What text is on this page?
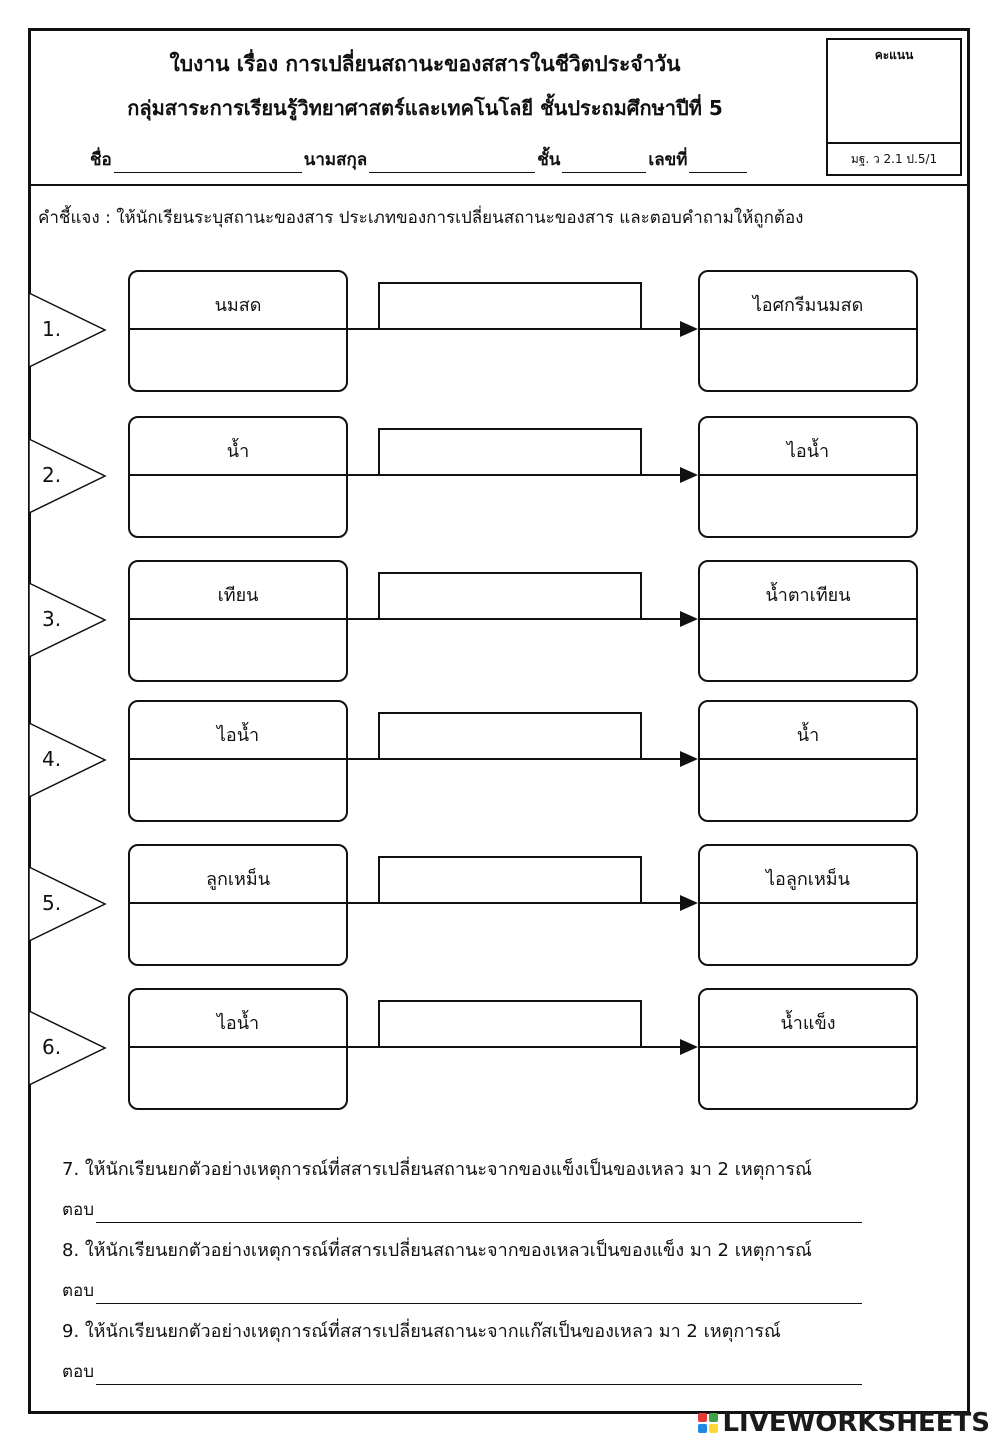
ใบงาน เรื่อง การเปลี่ยนสถานะของสสารในชีวิตประจำวัน
กลุ่มสาระการเรียนรู้วิทยาศาสตร์และเทคโนโลยี ชั้นประถมศึกษาปีที่ 5
ชื่อ	นามสกุล	ชั้น	เลขที่
คะแนน
มฐ. ว 2.1 ป.5/1
คำชี้แจง : ให้นักเรียนระบุสถานะของสาร ประเภทของการเปลี่ยนสถานะของสาร และตอบคำถามให้ถูกต้อง
1.
นมสด	ไอศกรีมนมสด
2.
น้ำ	ไอน้ำ
3.
เทียน	น้ำตาเทียน
4.
ไอน้ำ	น้ำ
5.
ลูกเหม็น	ไอลูกเหม็น
6.
ไอน้ำ	น้ำแข็ง
7. ให้นักเรียนยกตัวอย่างเหตุการณ์ที่สสารเปลี่ยนสถานะจากของแข็งเป็นของเหลว มา 2 เหตุการณ์
ตอบ
8. ให้นักเรียนยกตัวอย่างเหตุการณ์ที่สสารเปลี่ยนสถานะจากของเหลวเป็นของแข็ง มา 2 เหตุการณ์
ตอบ
9. ให้นักเรียนยกตัวอย่างเหตุการณ์ที่สสารเปลี่ยนสถานะจากแก๊สเป็นของเหลว มา 2 เหตุการณ์
ตอบ
LIVEWORKSHEETS
